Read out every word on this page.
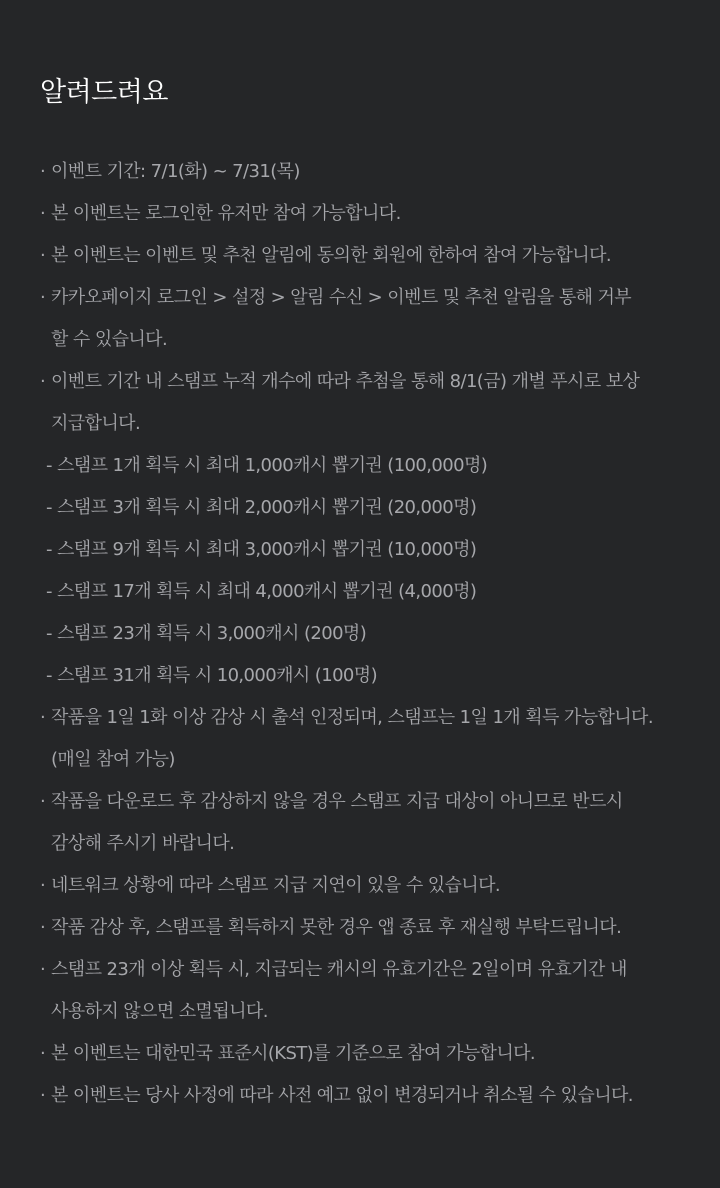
알려드려요
· 이벤트 기간: 7/1(화) ~ 7/31(목)
· 본 이벤트는 로그인한 유저만 참여 가능합니다.
· 본 이벤트는 이벤트 및 추천 알림에 동의한 회원에 한하여 참여 가능합니다.
· 카카오페이지 로그인 > 설정 > 알림 수신 > 이벤트 및 추천 알림을 통해 거부
할 수 있습니다.
· 이벤트 기간 내 스탬프 누적 개수에 따라 추첨을 통해 8/1(금) 개별 푸시로 보상
지급합니다.
- 스탬프 1개 획득 시 최대 1,000캐시 뽑기권 (100,000명)
- 스탬프 3개 획득 시 최대 2,000캐시 뽑기권 (20,000명)
- 스탬프 9개 획득 시 최대 3,000캐시 뽑기권 (10,000명)
- 스탬프 17개 획득 시 최대 4,000캐시 뽑기권 (4,000명)
- 스탬프 23개 획득 시 3,000캐시 (200명)
- 스탬프 31개 획득 시 10,000캐시 (100명)
· 작품을 1일 1화 이상 감상 시 출석 인정되며, 스탬프는 1일 1개 획득 가능합니다.
(매일 참여 가능)
· 작품을 다운로드 후 감상하지 않을 경우 스탬프 지급 대상이 아니므로 반드시
감상해 주시기 바랍니다.
· 네트워크 상황에 따라 스탬프 지급 지연이 있을 수 있습니다.
· 작품 감상 후, 스탬프를 획득하지 못한 경우 앱 종료 후 재실행 부탁드립니다.
· 스탬프 23개 이상 획득 시, 지급되는 캐시의 유효기간은 2일이며 유효기간 내
사용하지 않으면 소멸됩니다.
· 본 이벤트는 대한민국 표준시(KST)를 기준으로 참여 가능합니다.
· 본 이벤트는 당사 사정에 따라 사전 예고 없이 변경되거나 취소될 수 있습니다.
